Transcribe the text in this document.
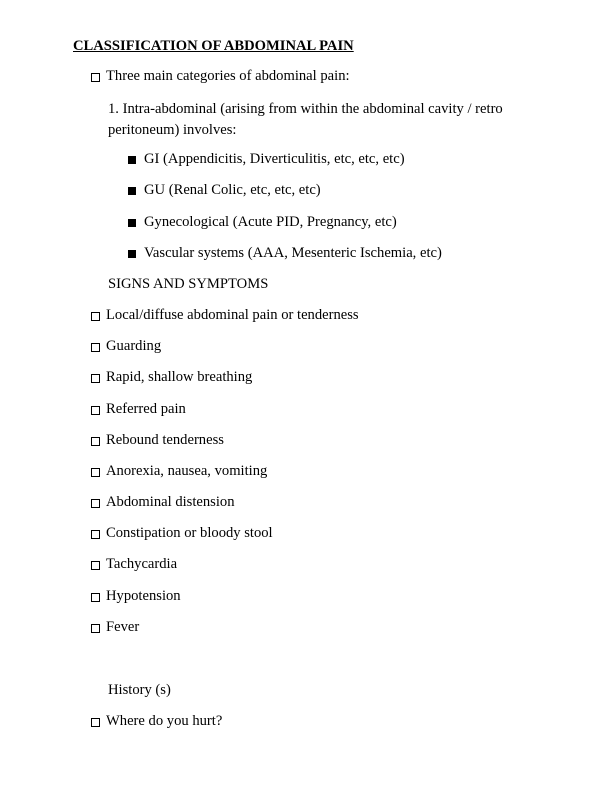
CLASSIFICATION OF ABDOMINAL PAIN
Three main categories of abdominal pain:
1. Intra-abdominal (arising from within the abdominal cavity / retro peritoneum) involves:
GI (Appendicitis, Diverticulitis, etc, etc, etc)
GU (Renal Colic, etc, etc, etc)
Gynecological (Acute PID, Pregnancy, etc)
Vascular systems (AAA, Mesenteric Ischemia, etc)
SIGNS AND SYMPTOMS
Local/diffuse abdominal pain or tenderness
Guarding
Rapid, shallow breathing
Referred pain
Rebound tenderness
Anorexia, nausea, vomiting
Abdominal distension
Constipation or bloody stool
Tachycardia
Hypotension
Fever
History (s)
Where do you hurt?
